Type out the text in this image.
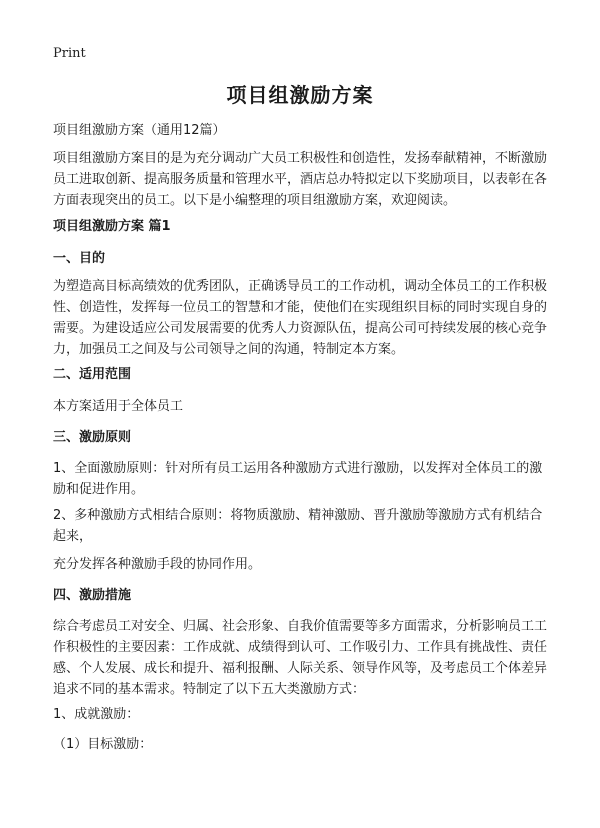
Print
项目组激励方案

项目组激励方案（通用12篇）

项目组激励方案目的是为充分调动广大员工积极性和创造性，发扬奉献精神，不断激励员工进取创新、提高服务质量和管理水平，酒店总办特拟定以下奖励项目，以表彰在各方面表现突出的员工。以下是小编整理的项目组激励方案，欢迎阅读。

项目组激励方案 篇1

一、目的

为塑造高目标高绩效的优秀团队，正确诱导员工的工作动机，调动全体员工的工作积极性、创造性，发挥每一位员工的智慧和才能，使他们在实现组织目标的同时实现自身的需要。为建设适应公司发展需要的优秀人力资源队伍，提高公司可持续发展的核心竞争力，加强员工之间及与公司领导之间的沟通，特制定本方案。

二、适用范围

本方案适用于全体员工

三、激励原则

1、全面激励原则：针对所有员工运用各种激励方式进行激励，以发挥对全体员工的激励和促进作用。

2、多种激励方式相结合原则：将物质激励、精神激励、晋升激励等激励方式有机结合起来，

充分发挥各种激励手段的协同作用。

四、激励措施

综合考虑员工对安全、归属、社会形象、自我价值需要等多方面需求，分析影响员工工作积极性的主要因素：工作成就、成绩得到认可、工作吸引力、工作具有挑战性、责任感、个人发展、成长和提升、福利报酬、人际关系、领导作风等，及考虑员工个体差异追求不同的基本需求。特制定了以下五大类激励方式：

1、成就激励：

（1）目标激励：
